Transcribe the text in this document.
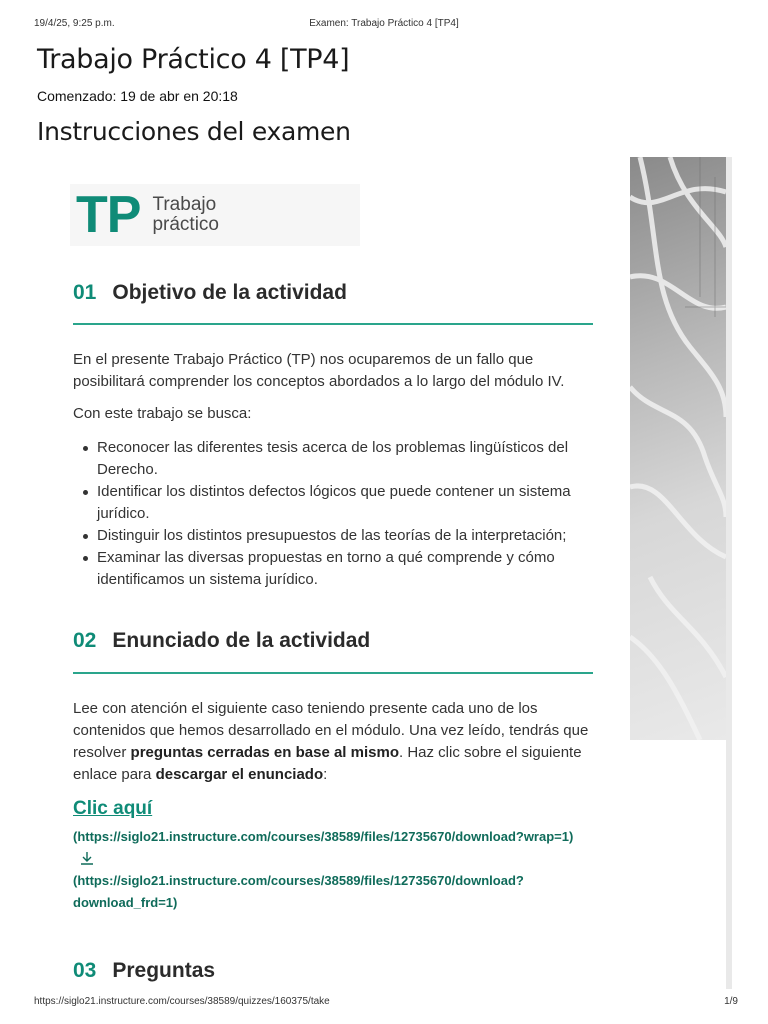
19/4/25, 9:25 p.m.	Examen: Trabajo Práctico 4 [TP4]
Trabajo Práctico 4 [TP4]
Comenzado: 19 de abr en 20:18
Instrucciones del examen
TP Trabajo
práctico
01 Objetivo de la actividad

En el presente Trabajo Práctico (TP) nos ocuparemos de un fallo que posibilitará comprender los conceptos abordados a lo largo del módulo IV.

Con este trabajo se busca:

Reconocer las diferentes tesis acerca de los problemas lingüísticos del Derecho.
Identificar los distintos defectos lógicos que puede contener un sistema jurídico.
Distinguir los distintos presupuestos de las teorías de la interpretación;
Examinar las diversas propuestas en torno a qué comprende y cómo identificamos un sistema jurídico.
02 Enunciado de la actividad

Lee con atención el siguiente caso teniendo presente cada uno de los contenidos que hemos desarrollado en el módulo. Una vez leído, tendrás que resolver preguntas cerradas en base al mismo. Haz clic sobre el siguiente enlace para descargar el enunciado:

Clic aquí
(https://siglo21.instructure.com/courses/38589/files/12735670/download?wrap=1)
(https://siglo21.instructure.com/courses/38589/files/12735670/download?download_frd=1)
03 Preguntas
https://siglo21.instructure.com/courses/38589/quizzes/160375/take	1/9
